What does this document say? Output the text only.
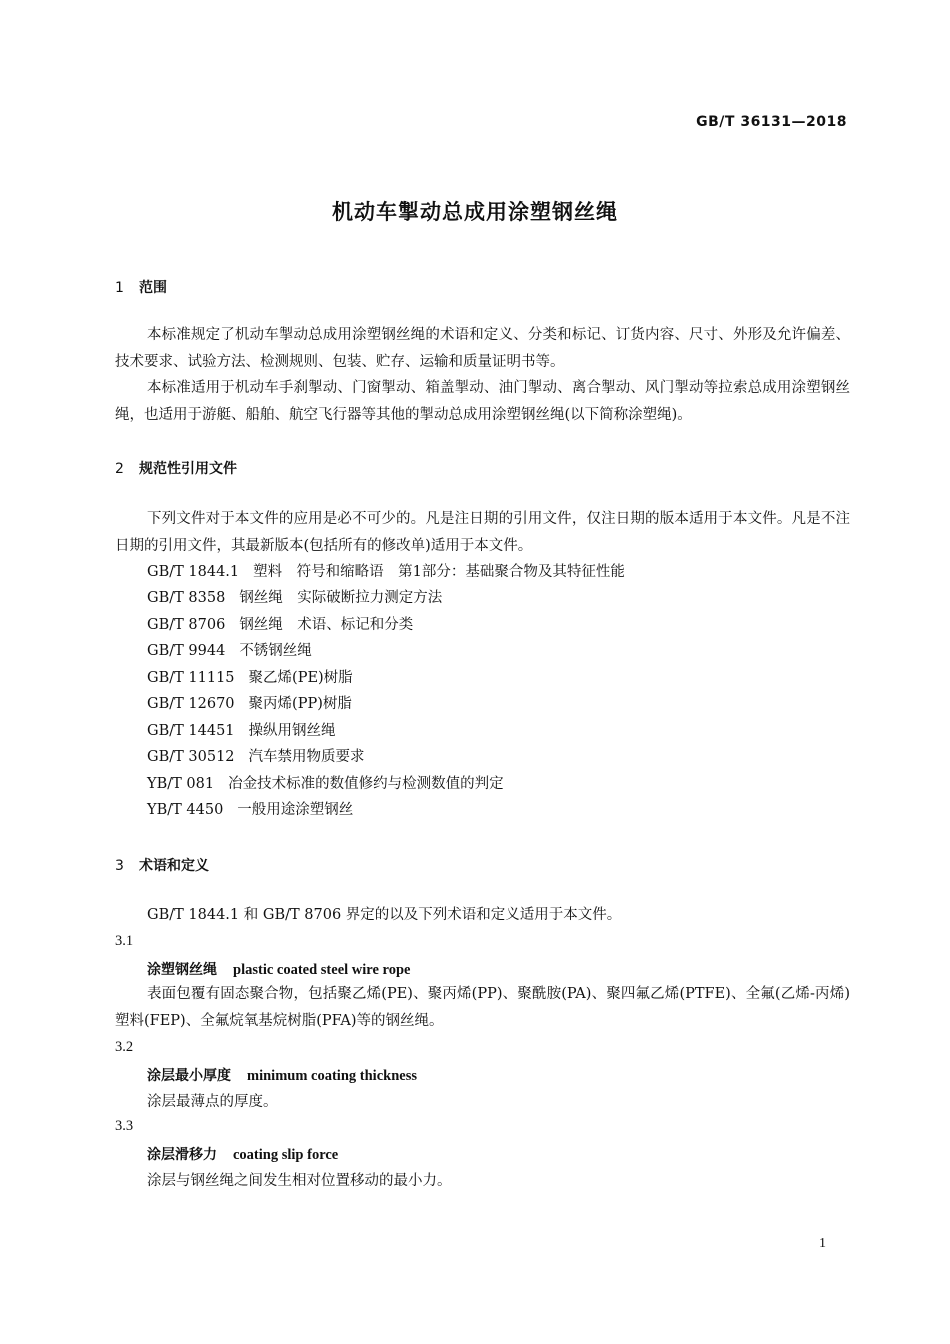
GB/T 36131—2018
机动车掣动总成用涂塑钢丝绳
1 范围
本标准规定了机动车掣动总成用涂塑钢丝绳的术语和定义、分类和标记、订货内容、尺寸、外形及允许偏差、技术要求、试验方法、检测规则、包装、贮存、运输和质量证明书等。
本标准适用于机动车手刹掣动、门窗掣动、箱盖掣动、油门掣动、离合掣动、风门掣动等拉索总成用涂塑钢丝绳，也适用于游艇、船舶、航空飞行器等其他的掣动总成用涂塑钢丝绳(以下简称涂塑绳)。
2 规范性引用文件
下列文件对于本文件的应用是必不可少的。凡是注日期的引用文件，仅注日期的版本适用于本文件。凡是不注日期的引用文件，其最新版本(包括所有的修改单)适用于本文件。
GB/T 1844.1 塑料　符号和缩略语　第1部分：基础聚合物及其特征性能
GB/T 8358 钢丝绳　实际破断拉力测定方法
GB/T 8706 钢丝绳　术语、标记和分类
GB/T 9944 不锈钢丝绳
GB/T 11115 聚乙烯(PE)树脂
GB/T 12670 聚丙烯(PP)树脂
GB/T 14451 操纵用钢丝绳
GB/T 30512 汽车禁用物质要求
YB/T 081 冶金技术标准的数值修约与检测数值的判定
YB/T 4450 一般用途涂塑钢丝
3 术语和定义
GB/T 1844.1 和 GB/T 8706 界定的以及下列术语和定义适用于本文件。
3.1
涂塑钢丝绳 plastic coated steel wire rope
表面包覆有固态聚合物，包括聚乙烯(PE)、聚丙烯(PP)、聚酰胺(PA)、聚四氟乙烯(PTFE)、全氟(乙烯-丙烯)塑料(FEP)、全氟烷氧基烷树脂(PFA)等的钢丝绳。
3.2
涂层最小厚度 minimum coating thickness
涂层最薄点的厚度。
3.3
涂层滑移力 coating slip force
涂层与钢丝绳之间发生相对位置移动的最小力。
1
